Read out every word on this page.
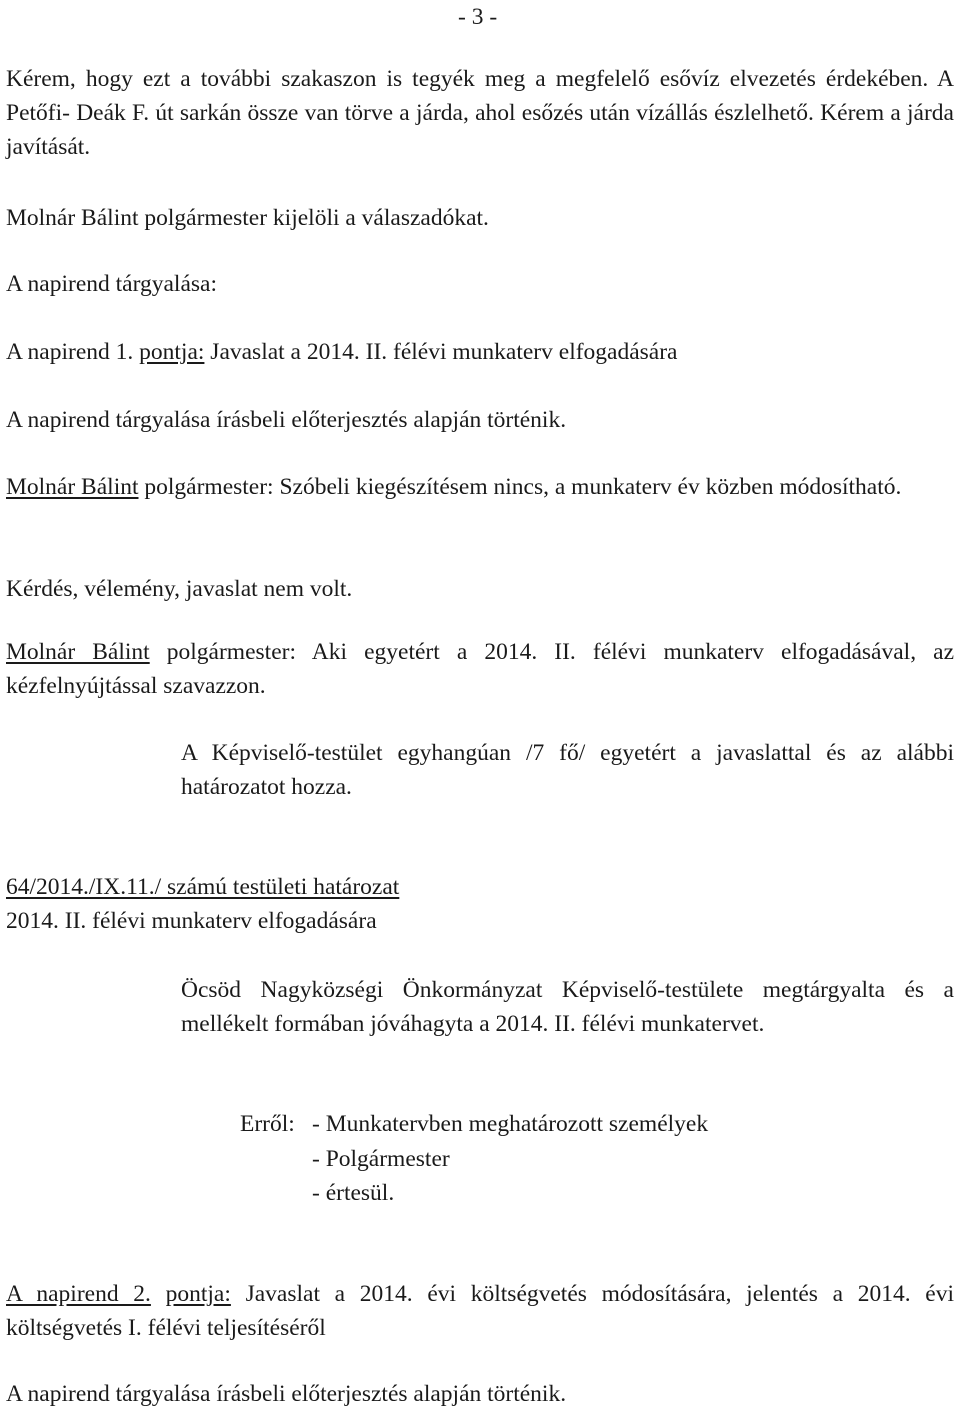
- 3 -

Kérem, hogy ezt a további szakaszon is tegyék meg a megfelelő esővíz elvezetés érdekében. A Petőfi- Deák F. út sarkán össze van törve a járda, ahol esőzés után vízállás észlelhető. Kérem a járda javítását.

Molnár Bálint polgármester kijelöli a válaszadókat.

A napirend tárgyalása:

A napirend 1. pontja: Javaslat a 2014. II. félévi munkaterv elfogadására

A napirend tárgyalása írásbeli előterjesztés alapján történik.

Molnár Bálint polgármester: Szóbeli kiegészítésem nincs, a munkaterv év közben módosítható.

Kérdés, vélemény, javaslat nem volt.

Molnár Bálint polgármester: Aki egyetért a 2014. II. félévi munkaterv elfogadásával, az kézfelnyújtással szavazzon.

A Képviselő-testület egyhangúan /7 fő/ egyetért a javaslattal és az alábbi határozatot hozza.

64/2014./IX.11./ számú testületi határozat

2014. II. félévi munkaterv elfogadására

Öcsöd Nagyközségi Önkormányzat Képviselő-testülete megtárgyalta és a mellékelt formában jóváhagyta a 2014. II. félévi munkatervet.

Erről: - Munkatervben meghatározott személyek
- Polgármester
- értesül.

A napirend 2. pontja: Javaslat a 2014. évi költségvetés módosítására, jelentés a 2014. évi költségvetés I. félévi teljesítéséről

A napirend tárgyalása írásbeli előterjesztés alapján történik.
